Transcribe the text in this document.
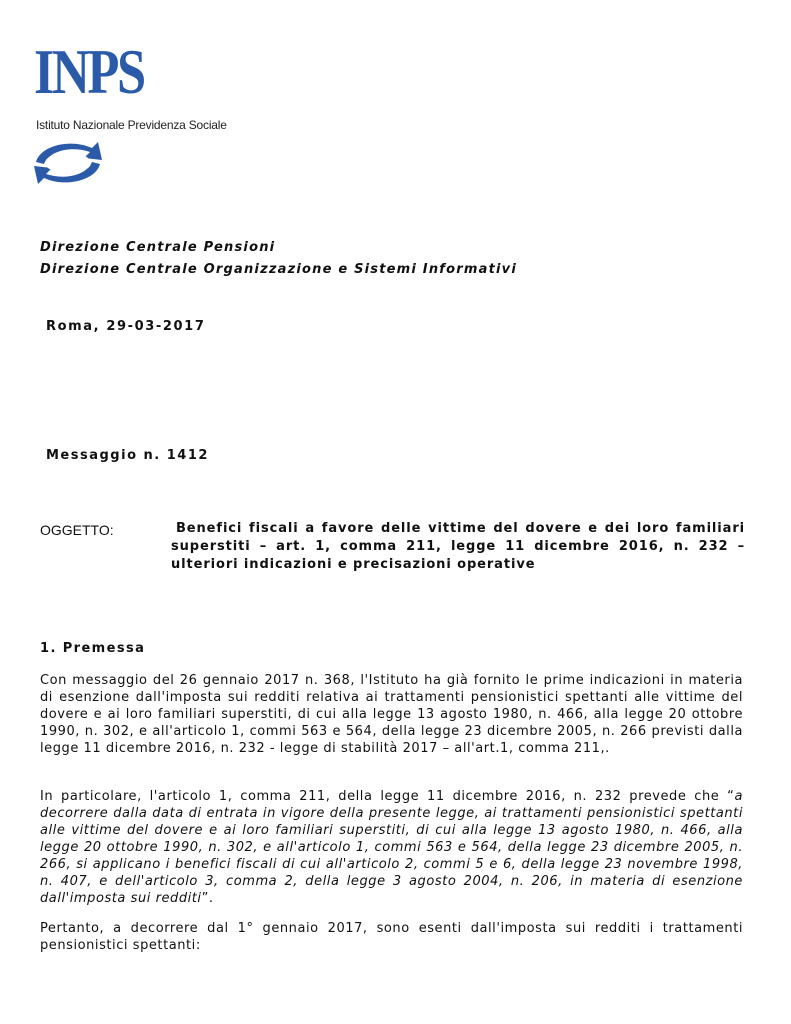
INPS
Istituto Nazionale Previdenza Sociale
Direzione Centrale Pensioni
Direzione Centrale Organizzazione e Sistemi Informativi
Roma, 29-03-2017
Messaggio n. 1412
OGGETTO:	Benefici fiscali a favore delle vittime del dovere e dei loro familiari superstiti – art. 1, comma 211, legge 11 dicembre 2016, n. 232 – ulteriori indicazioni e precisazioni operative
1. Premessa

Con messaggio del 26 gennaio 2017 n. 368, l'Istituto ha già fornito le prime indicazioni in materia di esenzione dall'imposta sui redditi relativa ai trattamenti pensionistici spettanti alle vittime del dovere e ai loro familiari superstiti, di cui alla legge 13 agosto 1980, n. 466, alla legge 20 ottobre 1990, n. 302, e all'articolo 1, commi 563 e 564, della legge 23 dicembre 2005, n. 266 previsti dalla legge 11 dicembre 2016, n. 232 - legge di stabilità 2017 – all'art.1, comma 211,.

In particolare, l'articolo 1, comma 211, della legge 11 dicembre 2016, n. 232 prevede che “a decorrere dalla data di entrata in vigore della presente legge, ai trattamenti pensionistici spettanti alle vittime del dovere e ai loro familiari superstiti, di cui alla legge 13 agosto 1980, n. 466, alla legge 20 ottobre 1990, n. 302, e all'articolo 1, commi 563 e 564, della legge 23 dicembre 2005, n. 266, si applicano i benefici fiscali di cui all'articolo 2, commi 5 e 6, della legge 23 novembre 1998, n. 407, e dell'articolo 3, comma 2, della legge 3 agosto 2004, n. 206, in materia di esenzione dall'imposta sui redditi”.

Pertanto, a decorrere dal 1° gennaio 2017, sono esenti dall'imposta sui redditi i trattamenti pensionistici spettanti:
